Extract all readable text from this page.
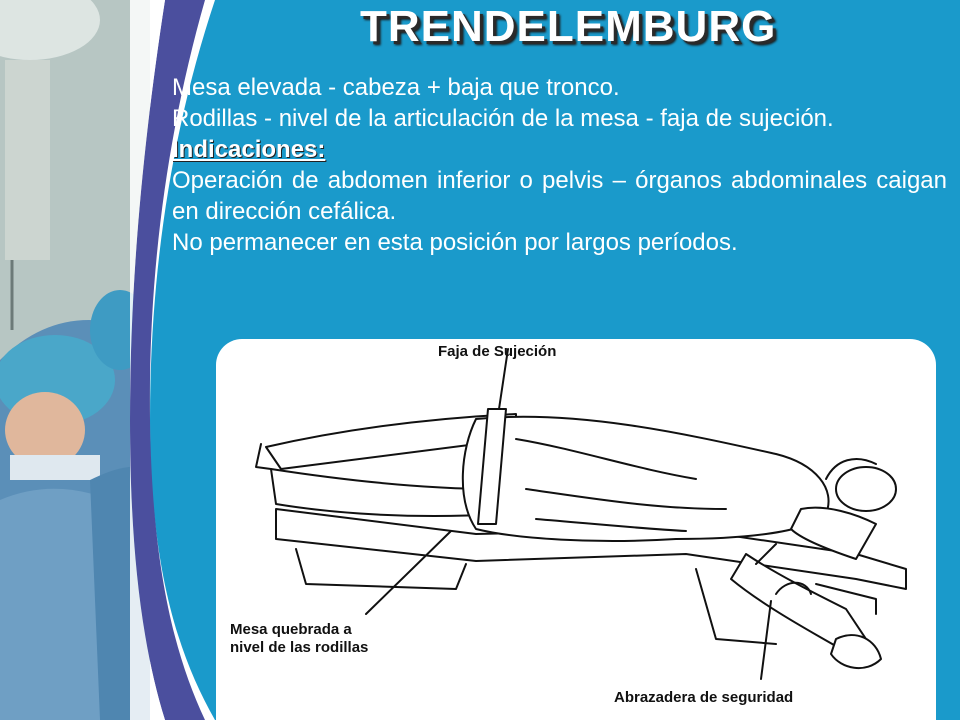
TRENDELEMBURG

Mesa elevada - cabeza + baja que tronco.

Rodillas - nivel de la articulación de la mesa - faja de sujeción.

Indicaciones:

Operación de abdomen inferior o pelvis – órganos abdominales caigan en dirección cefálica.

No permanecer en esta posición por largos períodos.

Faja de Sujeción
Mesa quebrada a
nivel de las rodillas
Abrazadera de seguridad
